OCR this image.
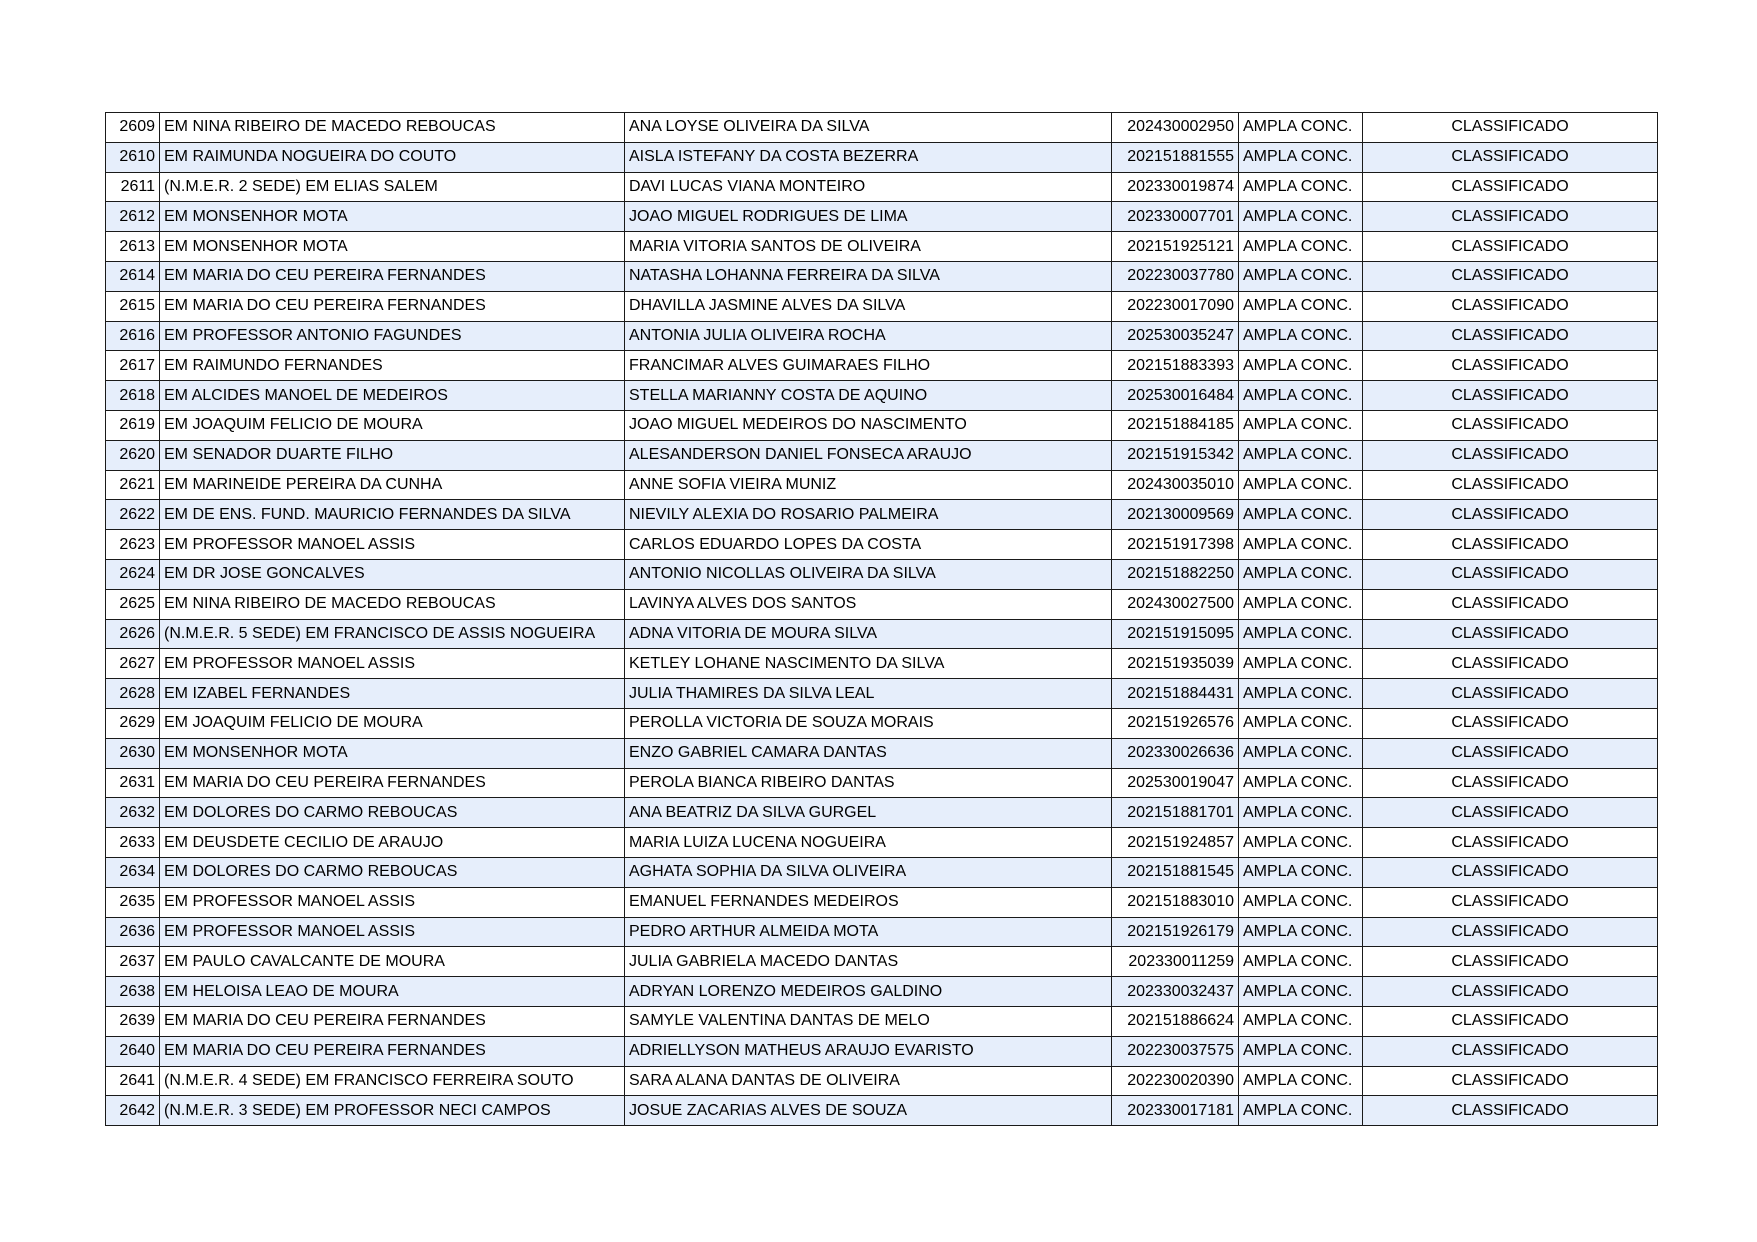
2609	EM NINA RIBEIRO DE MACEDO REBOUCAS	ANA LOYSE OLIVEIRA DA SILVA	202430002950	AMPLA CONC.	CLASSIFICADO
2610	EM RAIMUNDA NOGUEIRA DO COUTO	AISLA ISTEFANY DA COSTA BEZERRA	202151881555	AMPLA CONC.	CLASSIFICADO
2611	(N.M.E.R. 2 SEDE) EM ELIAS SALEM	DAVI LUCAS VIANA MONTEIRO	202330019874	AMPLA CONC.	CLASSIFICADO
2612	EM MONSENHOR MOTA	JOAO MIGUEL RODRIGUES DE LIMA	202330007701	AMPLA CONC.	CLASSIFICADO
2613	EM MONSENHOR MOTA	MARIA VITORIA SANTOS DE OLIVEIRA	202151925121	AMPLA CONC.	CLASSIFICADO
2614	EM MARIA DO CEU PEREIRA FERNANDES	NATASHA LOHANNA FERREIRA DA SILVA	202230037780	AMPLA CONC.	CLASSIFICADO
2615	EM MARIA DO CEU PEREIRA FERNANDES	DHAVILLA JASMINE ALVES DA SILVA	202230017090	AMPLA CONC.	CLASSIFICADO
2616	EM PROFESSOR ANTONIO FAGUNDES	ANTONIA JULIA OLIVEIRA ROCHA	202530035247	AMPLA CONC.	CLASSIFICADO
2617	EM RAIMUNDO FERNANDES	FRANCIMAR ALVES GUIMARAES FILHO	202151883393	AMPLA CONC.	CLASSIFICADO
2618	EM ALCIDES MANOEL DE MEDEIROS	STELLA MARIANNY COSTA DE AQUINO	202530016484	AMPLA CONC.	CLASSIFICADO
2619	EM JOAQUIM FELICIO DE MOURA	JOAO MIGUEL MEDEIROS DO NASCIMENTO	202151884185	AMPLA CONC.	CLASSIFICADO
2620	EM SENADOR DUARTE FILHO	ALESANDERSON DANIEL FONSECA ARAUJO	202151915342	AMPLA CONC.	CLASSIFICADO
2621	EM MARINEIDE PEREIRA DA CUNHA	ANNE SOFIA VIEIRA MUNIZ	202430035010	AMPLA CONC.	CLASSIFICADO
2622	EM DE ENS. FUND. MAURICIO FERNANDES DA SILVA	NIEVILY ALEXIA DO ROSARIO PALMEIRA	202130009569	AMPLA CONC.	CLASSIFICADO
2623	EM PROFESSOR MANOEL ASSIS	CARLOS EDUARDO LOPES DA COSTA	202151917398	AMPLA CONC.	CLASSIFICADO
2624	EM DR JOSE GONCALVES	ANTONIO NICOLLAS OLIVEIRA DA SILVA	202151882250	AMPLA CONC.	CLASSIFICADO
2625	EM NINA RIBEIRO DE MACEDO REBOUCAS	LAVINYA ALVES DOS SANTOS	202430027500	AMPLA CONC.	CLASSIFICADO
2626	(N.M.E.R. 5 SEDE) EM FRANCISCO DE ASSIS NOGUEIRA	ADNA VITORIA DE MOURA SILVA	202151915095	AMPLA CONC.	CLASSIFICADO
2627	EM PROFESSOR MANOEL ASSIS	KETLEY LOHANE NASCIMENTO DA SILVA	202151935039	AMPLA CONC.	CLASSIFICADO
2628	EM IZABEL FERNANDES	JULIA THAMIRES DA SILVA LEAL	202151884431	AMPLA CONC.	CLASSIFICADO
2629	EM JOAQUIM FELICIO DE MOURA	PEROLLA VICTORIA DE SOUZA MORAIS	202151926576	AMPLA CONC.	CLASSIFICADO
2630	EM MONSENHOR MOTA	ENZO GABRIEL CAMARA DANTAS	202330026636	AMPLA CONC.	CLASSIFICADO
2631	EM MARIA DO CEU PEREIRA FERNANDES	PEROLA BIANCA RIBEIRO DANTAS	202530019047	AMPLA CONC.	CLASSIFICADO
2632	EM DOLORES DO CARMO REBOUCAS	ANA BEATRIZ DA SILVA GURGEL	202151881701	AMPLA CONC.	CLASSIFICADO
2633	EM DEUSDETE CECILIO DE ARAUJO	MARIA LUIZA LUCENA NOGUEIRA	202151924857	AMPLA CONC.	CLASSIFICADO
2634	EM DOLORES DO CARMO REBOUCAS	AGHATA SOPHIA DA SILVA OLIVEIRA	202151881545	AMPLA CONC.	CLASSIFICADO
2635	EM PROFESSOR MANOEL ASSIS	EMANUEL FERNANDES MEDEIROS	202151883010	AMPLA CONC.	CLASSIFICADO
2636	EM PROFESSOR MANOEL ASSIS	PEDRO ARTHUR ALMEIDA MOTA	202151926179	AMPLA CONC.	CLASSIFICADO
2637	EM PAULO CAVALCANTE DE MOURA	JULIA GABRIELA MACEDO DANTAS	202330011259	AMPLA CONC.	CLASSIFICADO
2638	EM HELOISA LEAO DE MOURA	ADRYAN LORENZO MEDEIROS GALDINO	202330032437	AMPLA CONC.	CLASSIFICADO
2639	EM MARIA DO CEU PEREIRA FERNANDES	SAMYLE VALENTINA DANTAS DE MELO	202151886624	AMPLA CONC.	CLASSIFICADO
2640	EM MARIA DO CEU PEREIRA FERNANDES	ADRIELLYSON MATHEUS ARAUJO EVARISTO	202230037575	AMPLA CONC.	CLASSIFICADO
2641	(N.M.E.R. 4 SEDE) EM FRANCISCO FERREIRA SOUTO	SARA ALANA DANTAS DE OLIVEIRA	202230020390	AMPLA CONC.	CLASSIFICADO
2642	(N.M.E.R. 3 SEDE) EM PROFESSOR NECI CAMPOS	JOSUE ZACARIAS ALVES DE SOUZA	202330017181	AMPLA CONC.	CLASSIFICADO
